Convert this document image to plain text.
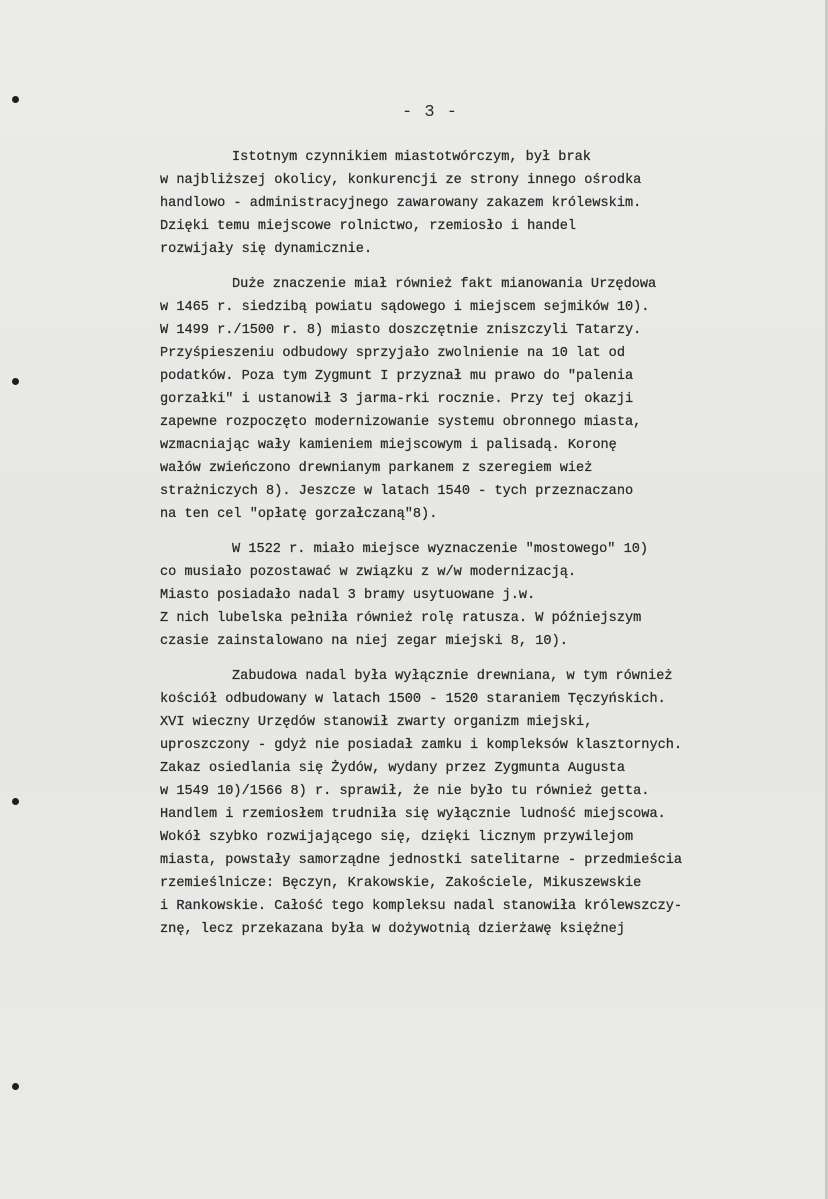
- 3 -
Istotnym czynnikiem miastotwórczym, był brak
w najbliższej okolicy, konkurencji ze strony innego ośrodka
handlowo - administracyjnego zawarowany zakazem królewskim.
Dzięki temu miejscowe rolnictwo, rzemiosło i handel
rozwijały się dynamicznie.
Duże znaczenie miał również fakt mianowania Urzędowa
w 1465 r. siedzibą powiatu sądowego i miejscem sejmików 10).
W 1499 r./1500 r. 8) miasto doszczętnie zniszczyli Tatarzy.
Przyśpieszeniu odbudowy sprzyjało zwolnienie na 10 lat od
podatków. Poza tym Zygmunt I przyznał mu prawo do "palenia
gorzałki" i ustanowił 3 jarma-rki rocznie. Przy tej okazji
zapewne rozpoczęto modernizowanie systemu obronnego miasta,
wzmacniając wały kamieniem miejscowym i palisadą. Koronę
wałów zwieńczono drewnianym parkanem z szeregiem wież
strażniczych 8). Jeszcze w latach 1540 - tych przeznaczano
na ten cel "opłatę gorzałczaną"8).
W 1522 r. miało miejsce wyznaczenie "mostowego" 10)
co musiało pozostawać w związku z w/w modernizacją.
Miasto posiadało nadal 3 bramy usytuowane j.w.
Z nich lubelska pełniła również rolę ratusza. W późniejszym
czasie zainstalowano na niej zegar miejski 8, 10).
Zabudowa nadal była wyłącznie drewniana, w tym również
kościół odbudowany w latach 1500 - 1520 staraniem Tęczyńskich.
XVI wieczny Urzędów stanowił zwarty organizm miejski,
uproszczony - gdyż nie posiadał zamku i kompleksów klasztornych.
Zakaz osiedlania się Żydów, wydany przez Zygmunta Augusta
w 1549 10)/1566 8) r. sprawił, że nie było tu również getta.
Handlem i rzemiosłem trudniła się wyłącznie ludność miejscowa.
Wokół szybko rozwijającego się, dzięki licznym przywilejom
miasta, powstały samorządne jednostki satelitarne - przedmieścia
rzemieślnicze: Bęczyn, Krakowskie, Zakościele, Mikuszewskie
i Rankowskie. Całość tego kompleksu nadal stanowiła królewszczy-
znę, lecz przekazana była w dożywotnią dzierżawę księżnej
